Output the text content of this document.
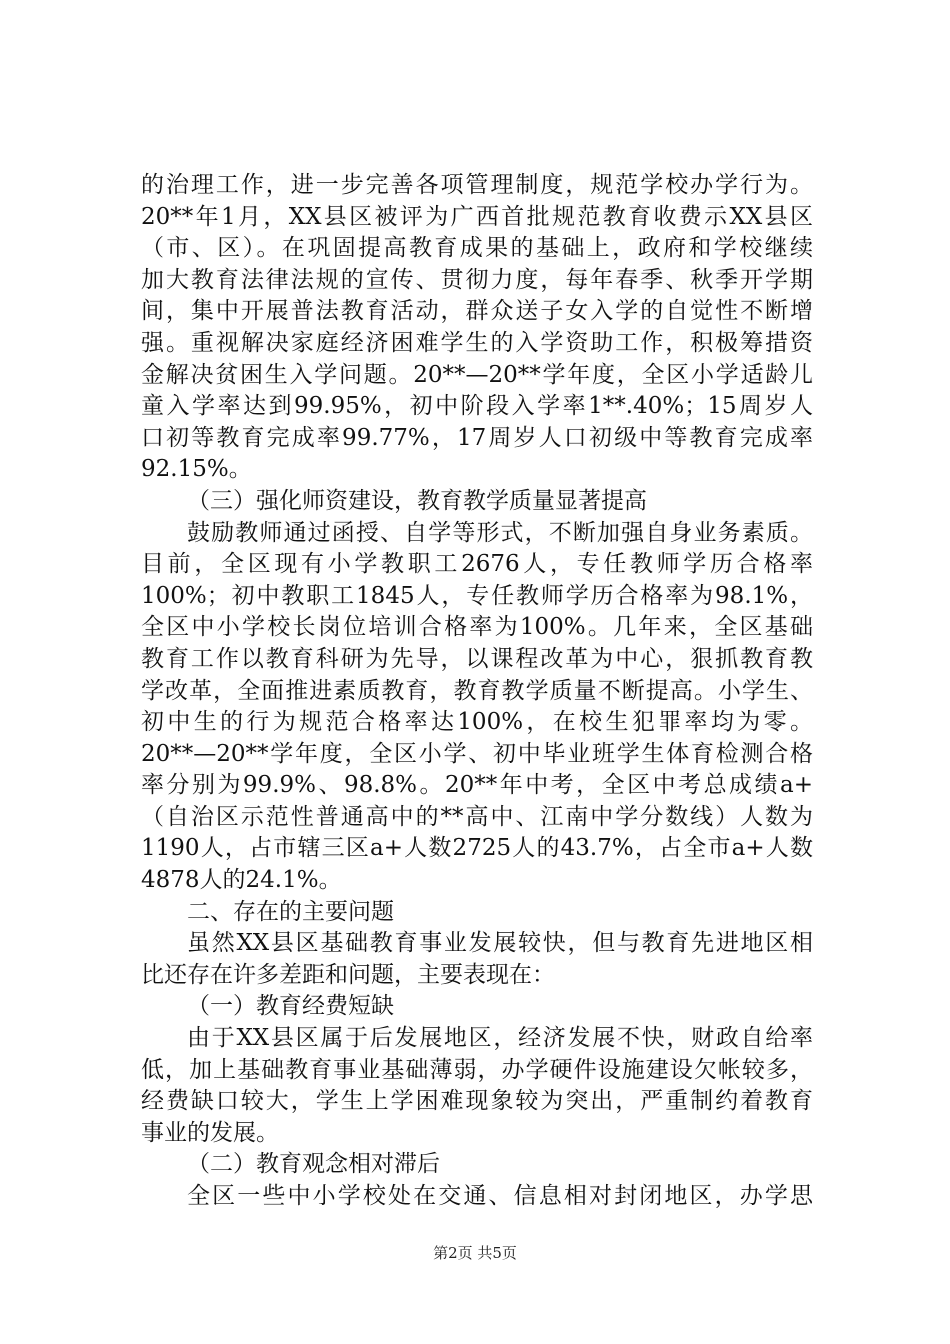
的治理工作，进一步完善各项管理制度，规范学校办学行为。
20**年1月，XX县区被评为广西首批规范教育收费示XX县区
（市、区）。在巩固提高教育成果的基础上，政府和学校继续
加大教育法律法规的宣传、贯彻力度，每年春季、秋季开学期
间，集中开展普法教育活动，群众送子女入学的自觉性不断增
强。重视解决家庭经济困难学生的入学资助工作，积极筹措资
金解决贫困生入学问题。20**—20**学年度，全区小学适龄儿
童入学率达到99.95%，初中阶段入学率1**.40%；15周岁人
口初等教育完成率99.77%，17周岁人口初级中等教育完成率
92.15%。
（三）强化师资建设，教育教学质量显著提高
鼓励教师通过函授、自学等形式，不断加强自身业务素质。
目前，全区现有小学教职工2676人，专任教师学历合格率
100%；初中教职工1845人，专任教师学历合格率为98.1%，
全区中小学校长岗位培训合格率为100%。几年来，全区基础
教育工作以教育科研为先导，以课程改革为中心，狠抓教育教
学改革，全面推进素质教育，教育教学质量不断提高。小学生、
初中生的行为规范合格率达100%，在校生犯罪率均为零。
20**—20**学年度，全区小学、初中毕业班学生体育检测合格
率分别为99.9%、98.8%。20**年中考，全区中考总成绩a+
（自治区示范性普通高中的**高中、江南中学分数线）人数为
1190人，占市辖三区a+人数2725人的43.7%，占全市a+人数
4878人的24.1%。
二、存在的主要问题
虽然XX县区基础教育事业发展较快，但与教育先进地区相
比还存在许多差距和问题，主要表现在：
（一）教育经费短缺
由于XX县区属于后发展地区，经济发展不快，财政自给率
低，加上基础教育事业基础薄弱，办学硬件设施建设欠帐较多，
经费缺口较大，学生上学困难现象较为突出，严重制约着教育
事业的发展。
（二）教育观念相对滞后
全区一些中小学校处在交通、信息相对封闭地区，办学思
第2页 共5页
